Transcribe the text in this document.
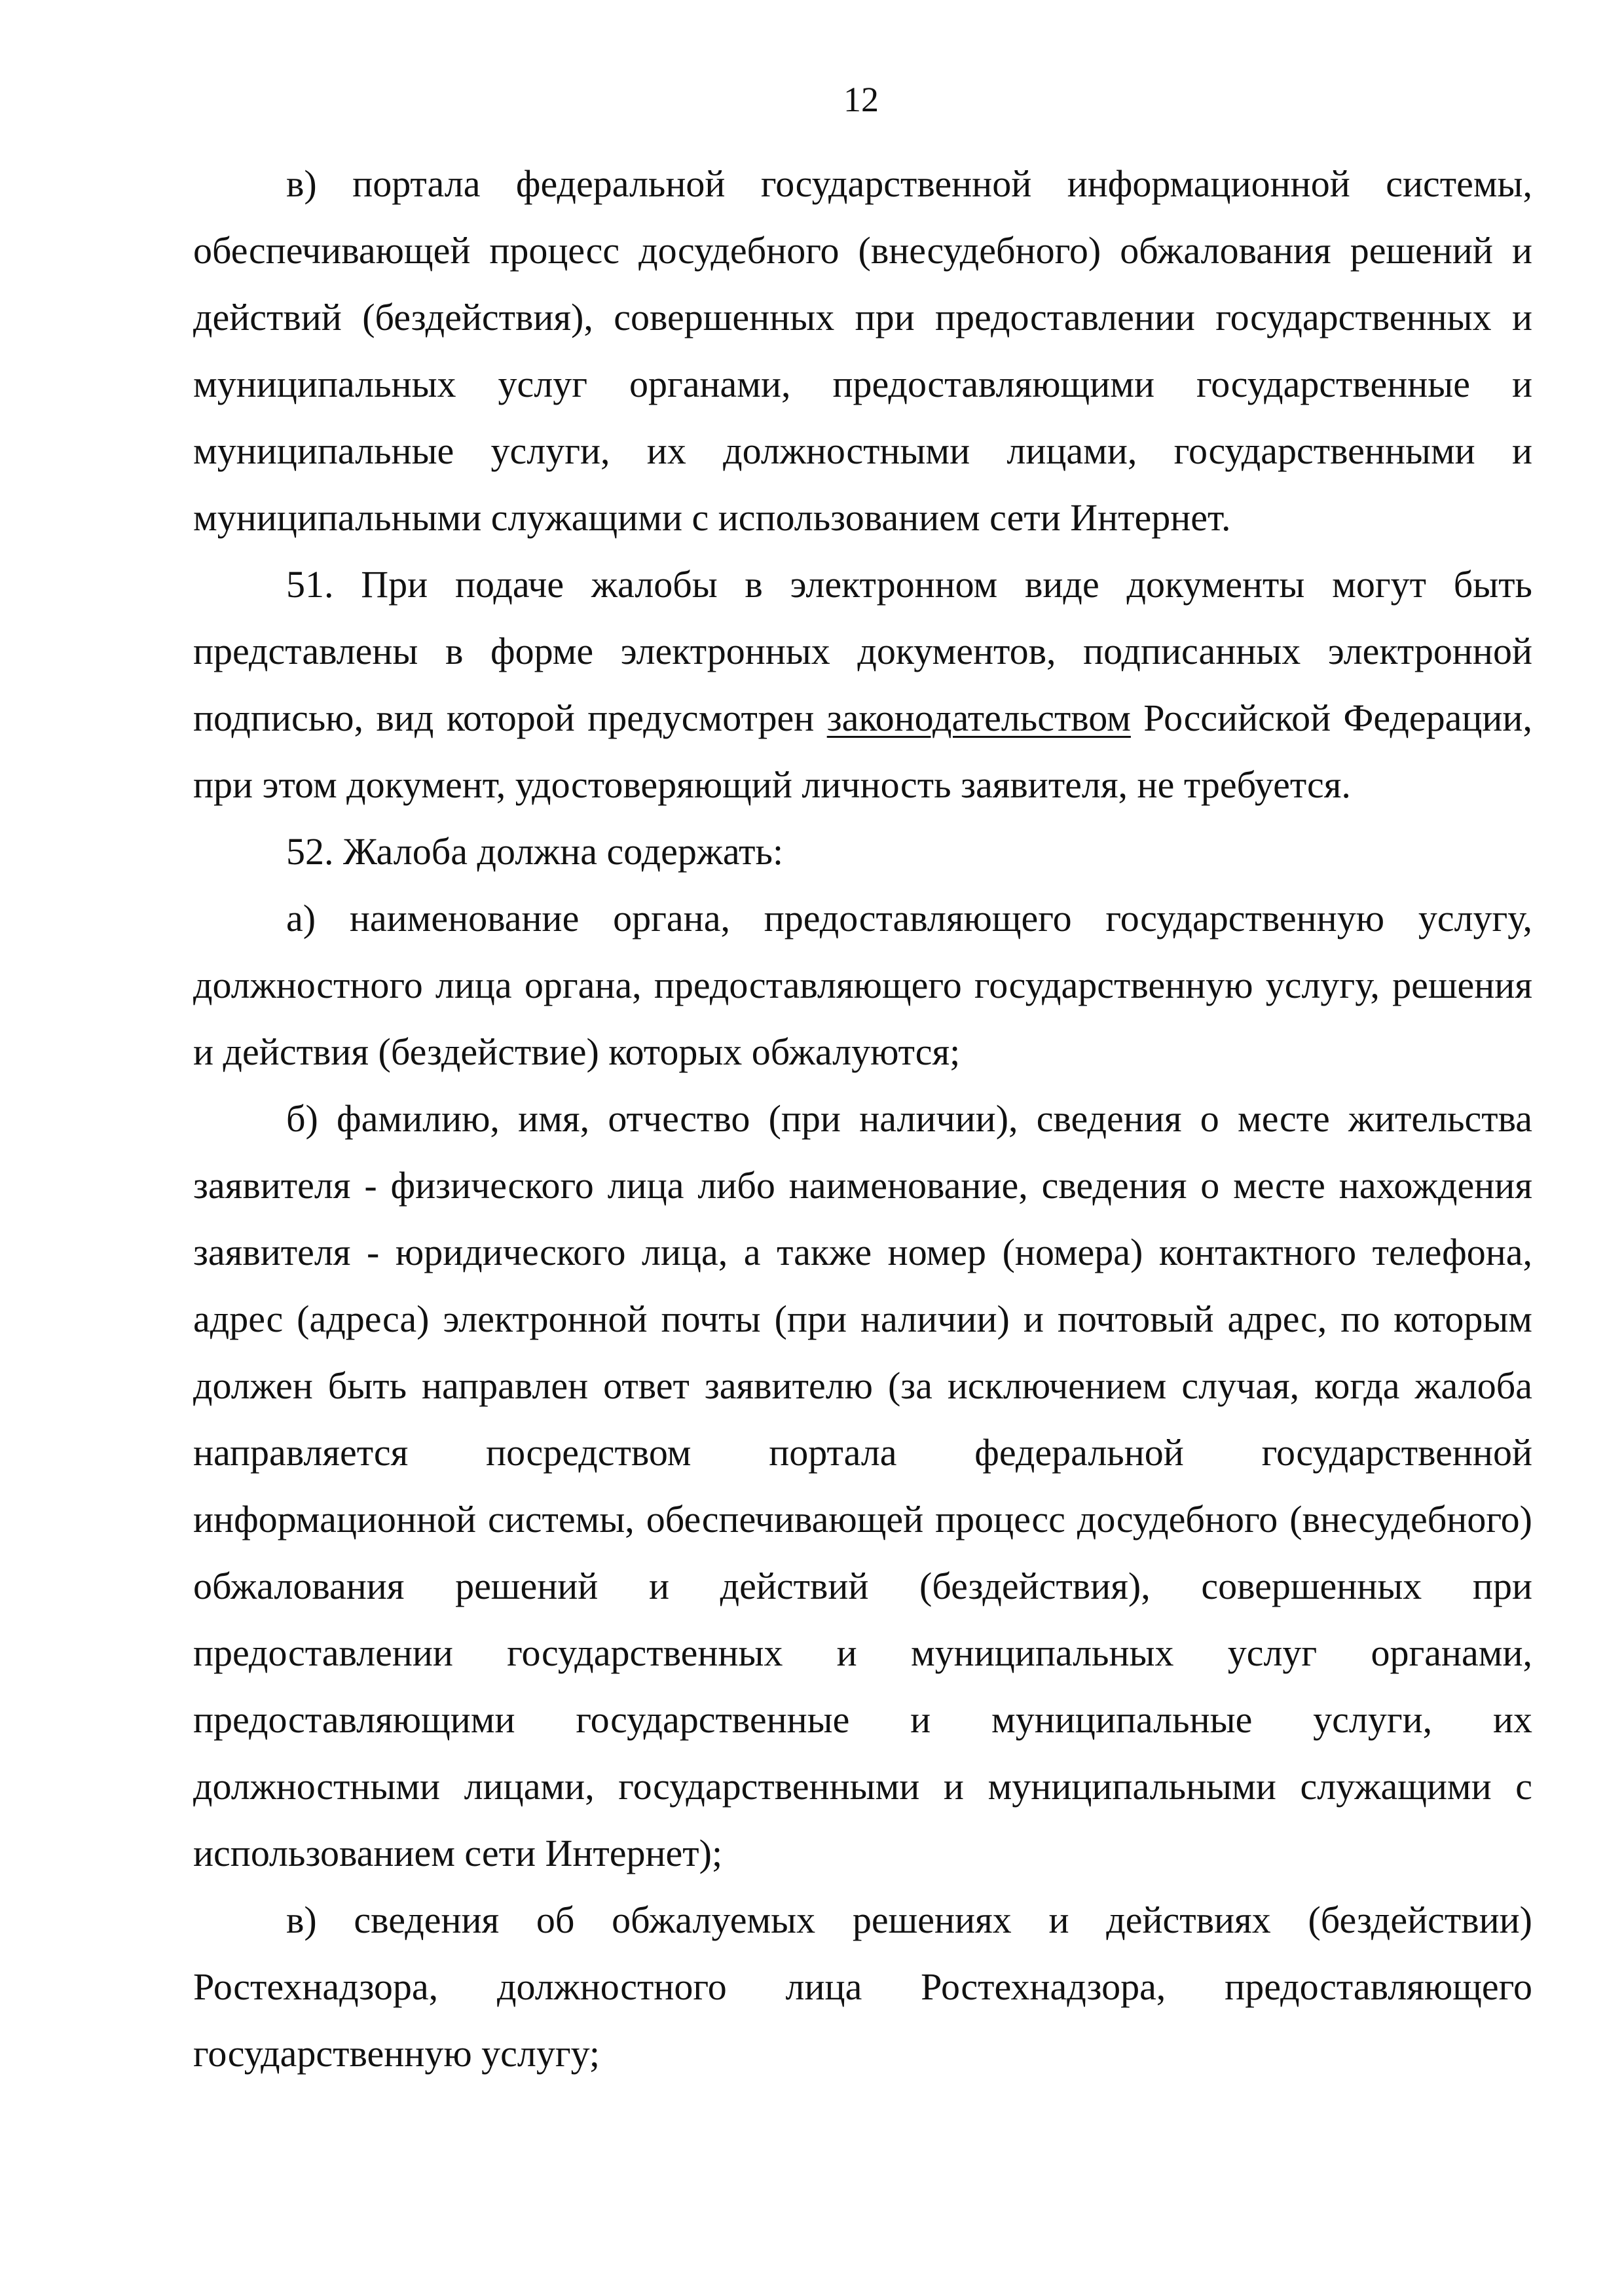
12

в) портала федеральной государственной информационной системы, обеспечивающей процесс досудебного (внесудебного) обжалования решений и действий (бездействия), совершенных при предоставлении государственных и муниципальных услуг органами, предоставляющими государственные и муниципальные услуги, их должностными лицами, государственными и муниципальными служащими с использованием сети Интернет.

51. При подаче жалобы в электронном виде документы могут быть представлены в форме электронных документов, подписанных электронной подписью, вид которой предусмотрен законодательством Российской Федерации, при этом документ, удостоверяющий личность заявителя, не требуется.

52. Жалоба должна содержать:

а) наименование органа, предоставляющего государственную услугу, должностного лица органа, предоставляющего государственную услугу, решения и действия (бездействие) которых обжалуются;

б) фамилию, имя, отчество (при наличии), сведения о месте жительства заявителя - физического лица либо наименование, сведения о месте нахождения заявителя - юридического лица, а также номер (номера) контактного телефона, адрес (адреса) электронной почты (при наличии) и почтовый адрес, по которым должен быть направлен ответ заявителю (за исключением случая, когда жалоба направляется посредством портала федеральной государственной информационной системы, обеспечивающей процесс досудебного (внесудебного) обжалования решений и действий (бездействия), совершенных при предоставлении государственных и муниципальных услуг органами, предоставляющими государственные и муниципальные услуги, их должностными лицами, государственными и муниципальными служащими с использованием сети Интернет);

в) сведения об обжалуемых решениях и действиях (бездействии) Ростехнадзора, должностного лица Ростехнадзора, предоставляющего государственную услугу;
